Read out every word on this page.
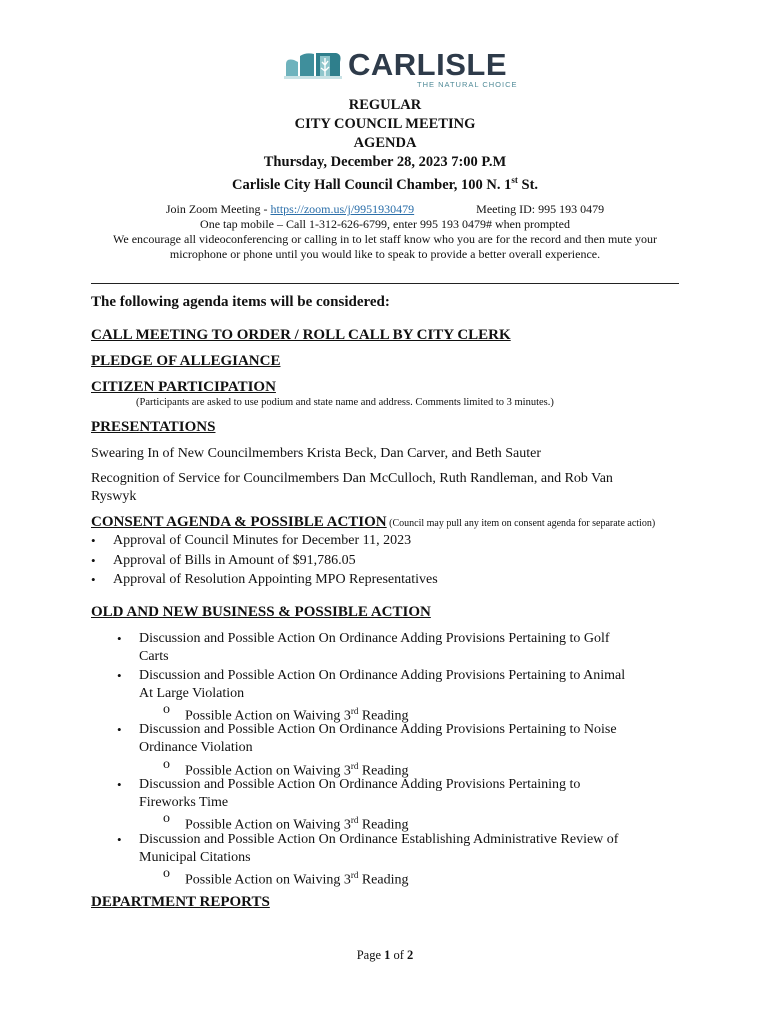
CARLISLE
THE NATURAL CHOICE
REGULAR
CITY COUNCIL MEETING
AGENDA
Thursday, December 28, 2023 7:00 P.M
Carlisle City Hall Council Chamber, 100 N. 1st St.
Join Zoom Meeting - https://zoom.us/j/9951930479	Meeting ID: 995 193 0479
One tap mobile – Call 1-312-626-6799, enter 995 193 0479# when prompted
We encourage all videoconferencing or calling in to let staff know who you are for the record and then mute your
microphone or phone until you would like to speak to provide a better overall experience.
The following agenda items will be considered:
CALL MEETING TO ORDER / ROLL CALL BY CITY CLERK
PLEDGE OF ALLEGIANCE
CITIZEN PARTICIPATION
(Participants are asked to use podium and state name and address. Comments limited to 3 minutes.)
PRESENTATIONS
Swearing In of New Councilmembers Krista Beck, Dan Carver, and Beth Sauter
Recognition of Service for Councilmembers Dan McCulloch, Ruth Randleman, and Rob Van
Ryswyk
CONSENT AGENDA & POSSIBLE ACTION (Council may pull any item on consent agenda for separate action)
• Approval of Council Minutes for December 11, 2023
• Approval of Bills in Amount of $91,786.05
• Approval of Resolution Appointing MPO Representatives
OLD AND NEW BUSINESS & POSSIBLE ACTION
• Discussion and Possible Action On Ordinance Adding Provisions Pertaining to Golf
Carts
• Discussion and Possible Action On Ordinance Adding Provisions Pertaining to Animal
At Large Violation
o Possible Action on Waiving 3rd Reading
• Discussion and Possible Action On Ordinance Adding Provisions Pertaining to Noise
Ordinance Violation
o Possible Action on Waiving 3rd Reading
• Discussion and Possible Action On Ordinance Adding Provisions Pertaining to
Fireworks Time
o Possible Action on Waiving 3rd Reading
• Discussion and Possible Action On Ordinance Establishing Administrative Review of
Municipal Citations
o Possible Action on Waiving 3rd Reading
DEPARTMENT REPORTS
Page 1 of 2
